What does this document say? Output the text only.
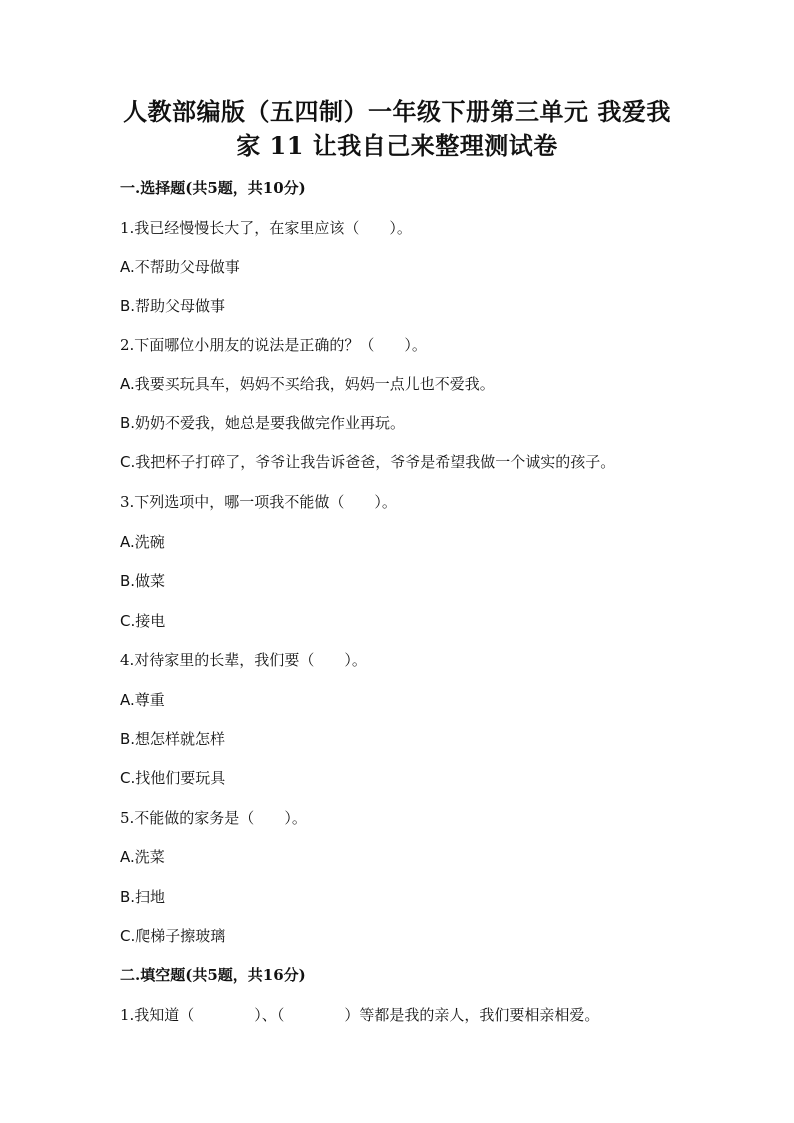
人教部编版（五四制）一年级下册第三单元 我爱我
家 11 让我自己来整理测试卷
一.选择题(共5题，共10分)
1.我已经慢慢长大了，在家里应该（　　）。
A.不帮助父母做事
B.帮助父母做事
2.下面哪位小朋友的说法是正确的？（　　）。
A.我要买玩具车，妈妈不买给我，妈妈一点儿也不爱我。
B.奶奶不爱我，她总是要我做完作业再玩。
C.我把杯子打碎了，爷爷让我告诉爸爸，爷爷是希望我做一个诚实的孩子。
3.下列选项中，哪一项我不能做（　　）。
A.洗碗
B.做菜
C.接电
4.对待家里的长辈，我们要（　　）。
A.尊重
B.想怎样就怎样
C.找他们要玩具
5.不能做的家务是（　　）。
A.洗菜
B.扫地
C.爬梯子擦玻璃
二.填空题(共5题，共16分)
1.我知道（　　　　）、（　　　　）等都是我的亲人，我们要相亲相爱。
